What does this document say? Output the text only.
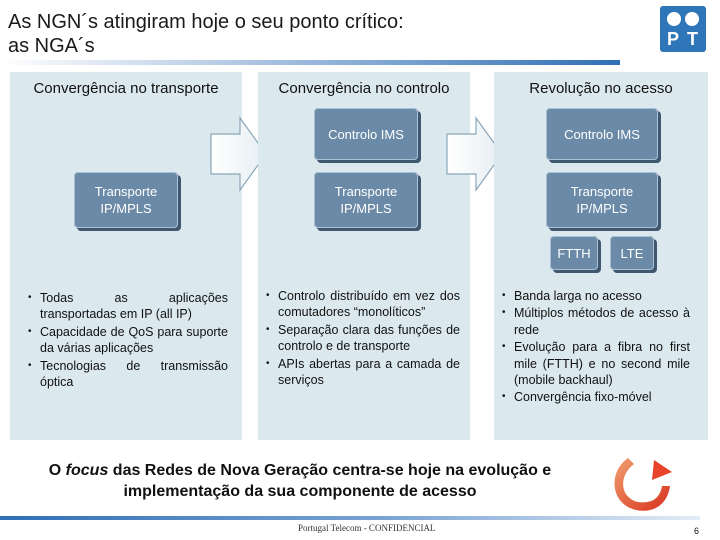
As NGN´s atingiram hoje o seu ponto crítico:
as NGA´s	PT
Convergência no transporte
Transporte
IP/MPLS
• Todas as aplicações transportadas em IP (all IP)
• Capacidade de QoS para suporte da várias aplicações
• Tecnologias de transmissão óptica
Convergência no controlo
Controlo IMS
Transporte
IP/MPLS
• Controlo distribuído em vez dos comutadores “monolíticos”
• Separação clara das funções de controlo e de transporte
• APIs abertas para a camada de serviços
Revolução no acesso
Controlo IMS
Transporte
IP/MPLS
FTTH	LTE
• Banda larga no acesso
• Múltiplos métodos de acesso à rede
• Evolução para a fibra no first mile (FTTH) e no second mile (mobile backhaul)
• Convergência fixo-móvel
O focus das Redes de Nova Geração centra-se hoje na evolução e implementação da sua componente de acesso
Portugal Telecom - CONFIDENCIAL	6
